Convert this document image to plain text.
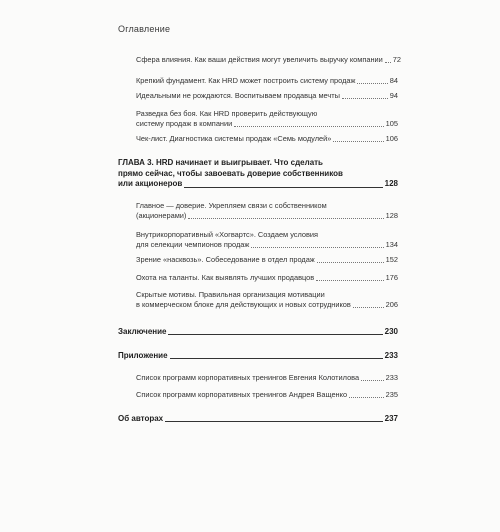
Оглавление
Сфера влияния. Как ваши действия могут увеличить выручку компании 72
Крепкий фундамент. Как HRD может построить систему продаж	84
Идеальными не рождаются. Воспитываем продавца мечты	94
Разведка без боя. Как HRD проверить действующую
систему продаж в компании	105
Чек-лист. Диагностика системы продаж «Семь модулей»	106
ГЛАВА 3. HRD начинает и выигрывает. Что сделать
прямо сейчас, чтобы завоевать доверие собственников
или акционеров	128
Главное — доверие. Укрепляем связи с собственником
(акционерами)	128
Внутрикорпоративный «Хогвартс». Создаем условия
для селекции чемпионов продаж	134
Зрение «насквозь». Собеседование в отдел продаж	152
Охота на таланты. Как выявлять лучших продавцов	176
Скрытые мотивы. Правильная организация мотивации
в коммерческом блоке для действующих и новых сотрудников	206
Заключение	230
Приложение	233
Список программ корпоративных тренингов Евгения Колотилова	233
Список программ корпоративных тренингов Андрея Ващенко	235
Об авторах	237
